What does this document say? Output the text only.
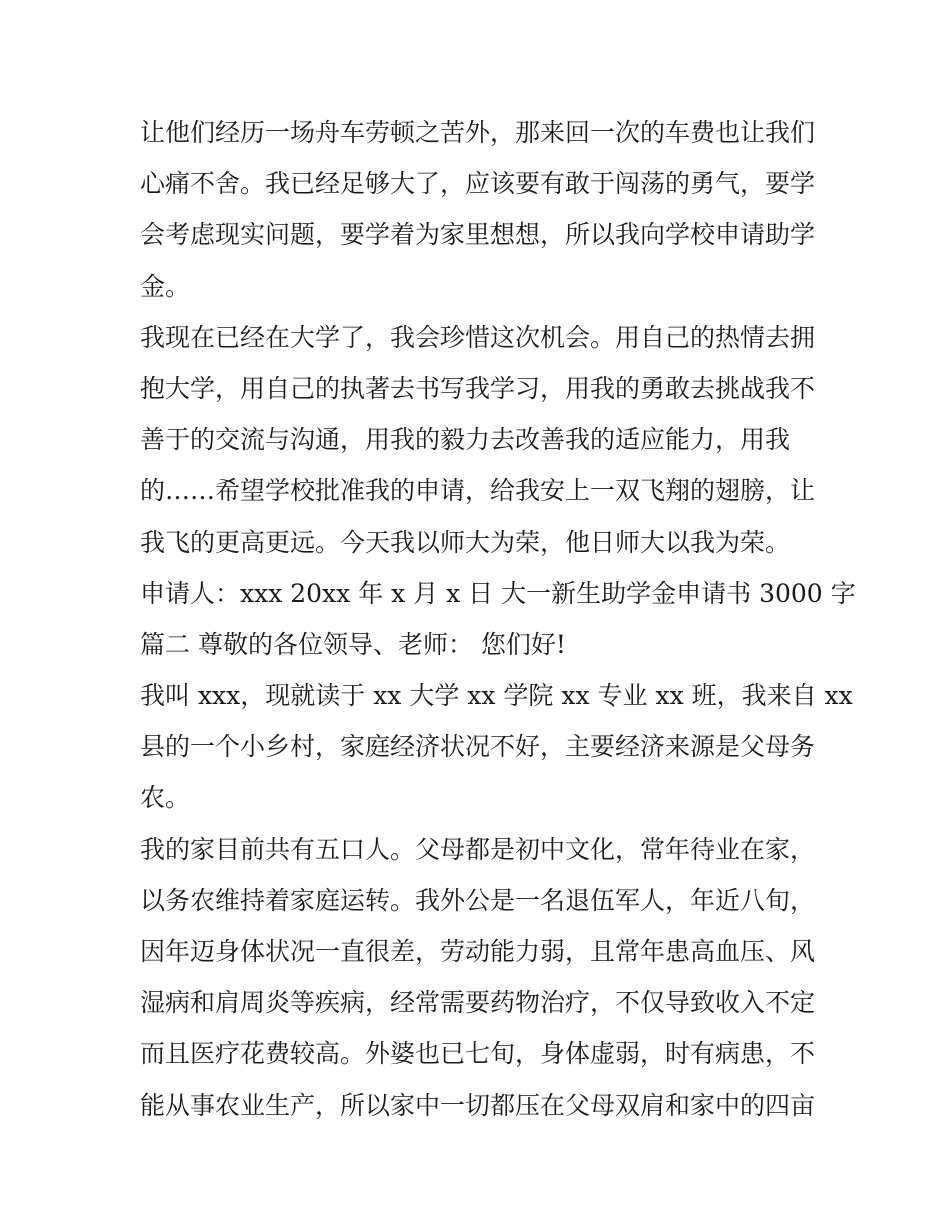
让他们经历一场舟车劳顿之苦外，那来回一次的车费也让我们
心痛不舍。我已经足够大了，应该要有敢于闯荡的勇气，要学
会考虑现实问题，要学着为家里想想，所以我向学校申请助学
金。
我现在已经在大学了，我会珍惜这次机会。用自己的热情去拥
抱大学，用自己的执著去书写我学习，用我的勇敢去挑战我不
善于的交流与沟通，用我的毅力去改善我的适应能力，用我
的……希望学校批准我的申请，给我安上一双飞翔的翅膀，让
我飞的更高更远。今天我以师大为荣，他日师大以我为荣。
申请人：xxx 20xx 年 x 月 x 日 大一新生助学金申请书 3000 字
篇二 尊敬的各位领导、老师： 您们好!
我叫 xxx，现就读于 xx 大学 xx 学院 xx 专业 xx 班，我来自 xx
县的一个小乡村，家庭经济状况不好，主要经济来源是父母务
农。
我的家目前共有五口人。父母都是初中文化，常年待业在家，
以务农维持着家庭运转。我外公是一名退伍军人，年近八旬，
因年迈身体状况一直很差，劳动能力弱，且常年患高血压、风
湿病和肩周炎等疾病，经常需要药物治疗，不仅导致收入不定
而且医疗花费较高。外婆也已七旬，身体虚弱，时有病患，不
能从事农业生产，所以家中一切都压在父母双肩和家中的四亩
